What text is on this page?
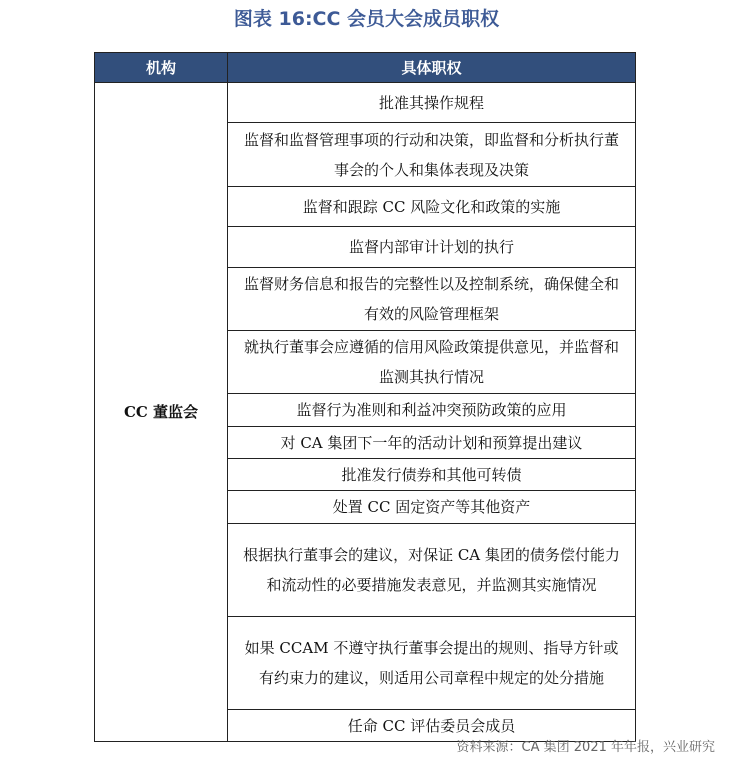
图表 16:CC 会员大会成员职权
机构	具体职权
CC 董监会	批准其操作规程
	监督和监督管理事项的行动和决策，即监督和分析执行董事会的个人和集体表现及决策
	监督和跟踪 CC 风险文化和政策的实施
	监督内部审计计划的执行
	监督财务信息和报告的完整性以及控制系统，确保健全和有效的风险管理框架
	就执行董事会应遵循的信用风险政策提供意见，并监督和监测其执行情况
	监督行为准则和利益冲突预防政策的应用
	对 CA 集团下一年的活动计划和预算提出建议
	批准发行债券和其他可转债
	处置 CC 固定资产等其他资产
	根据执行董事会的建议，对保证 CA 集团的债务偿付能力和流动性的必要措施发表意见，并监测其实施情况
	如果 CCAM 不遵守执行董事会提出的规则、指导方针或有约束力的建议，则适用公司章程中规定的处分措施
	任命 CC 评估委员会成员
资料来源：CA 集团 2021 年年报，兴业研究
